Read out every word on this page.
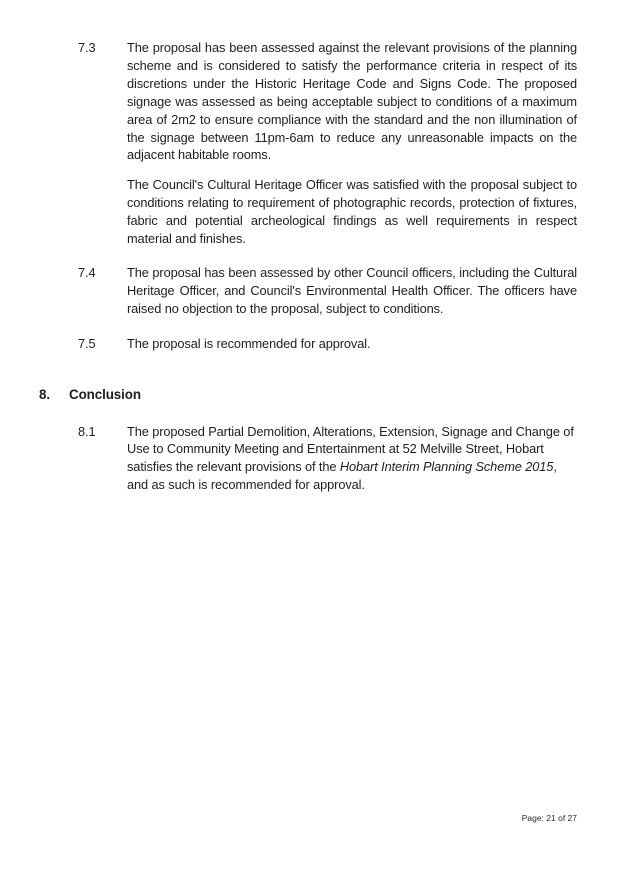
7.3	The proposal has been assessed against the relevant provisions of the planning scheme and is considered to satisfy the performance criteria in respect of its discretions under the Historic Heritage Code and Signs Code. The proposed signage was assessed as being acceptable subject to conditions of a maximum area of 2m2 to ensure compliance with the standard and the non illumination of the signage between 11pm-6am to reduce any unreasonable impacts on the adjacent habitable rooms.

The Council's Cultural Heritage Officer was satisfied with the proposal subject to conditions relating to requirement of photographic records, protection of fixtures, fabric and potential archeological findings as well requirements in respect material and finishes.

7.4	The proposal has been assessed by other Council officers, including the Cultural Heritage Officer, and Council's Environmental Health Officer. The officers have raised no objection to the proposal, subject to conditions.

7.5	The proposal is recommended for approval.

8.	Conclusion
8.1	The proposed Partial Demolition, Alterations, Extension, Signage and Change of Use to Community Meeting and Entertainment at 52 Melville Street, Hobart satisfies the relevant provisions of the Hobart Interim Planning Scheme 2015, and as such is recommended for approval.

Page: 21 of 27
